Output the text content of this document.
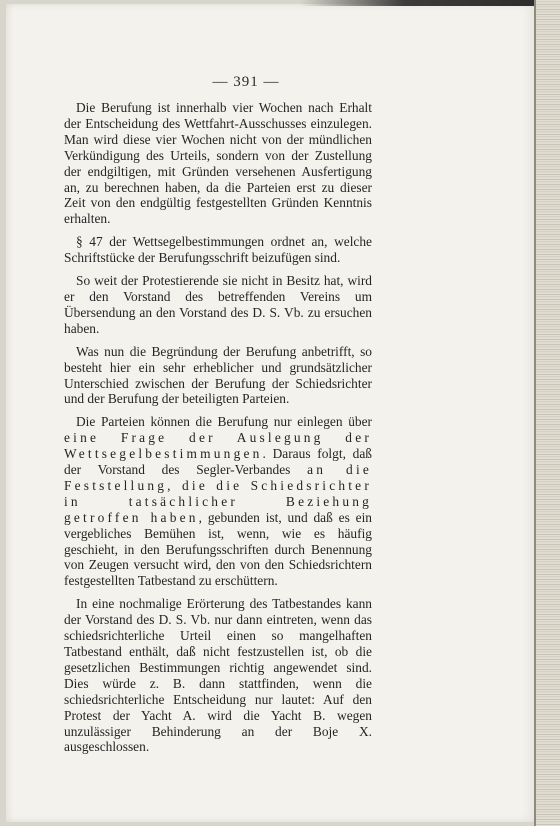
— 391 —

Die Berufung ist innerhalb vier Wochen nach Erhalt der Entscheidung des Wettfahrt-Ausschusses einzulegen. Man wird diese vier Wochen nicht von der mündlichen Verkündigung des Urteils, sondern von der Zustellung der endgiltigen, mit Gründen versehenen Ausfertigung an, zu berechnen haben, da die Parteien erst zu dieser Zeit von den endgültig festgestellten Gründen Kenntnis erhalten.

§ 47 der Wettsegelbestimmungen ordnet an, welche Schriftstücke der Berufungsschrift beizufügen sind.

So weit der Protestierende sie nicht in Besitz hat, wird er den Vorstand des betreffenden Vereins um Übersendung an den Vorstand des D. S. Vb. zu ersuchen haben.

Was nun die Begründung der Berufung anbetrifft, so besteht hier ein sehr erheblicher und grundsätzlicher Unterschied zwischen der Berufung der Schiedsrichter und der Berufung der beteiligten Parteien.

Die Parteien können die Berufung nur einlegen über eine Frage der Auslegung der Wettsegelbestimmungen. Daraus folgt, daß der Vorstand des Segler-Verbandes an die Feststellung, die die Schiedsrichter in tatsächlicher Beziehung getroffen haben, gebunden ist, und daß es ein vergebliches Bemühen ist, wenn, wie es häufig geschieht, in den Berufungsschriften durch Benennung von Zeugen versucht wird, den von den Schiedsrichtern festgestellten Tatbestand zu erschüttern.

In eine nochmalige Erörterung des Tatbestandes kann der Vorstand des D. S. Vb. nur dann eintreten, wenn das schiedsrichterliche Urteil einen so mangelhaften Tatbestand enthält, daß nicht festzustellen ist, ob die gesetzlichen Bestimmungen richtig angewendet sind. Dies würde z. B. dann stattfinden, wenn die schiedsrichterliche Entscheidung nur lautet: Auf den Protest der Yacht A. wird die Yacht B. wegen unzulässiger Behinderung an der Boje X. ausgeschlossen.
